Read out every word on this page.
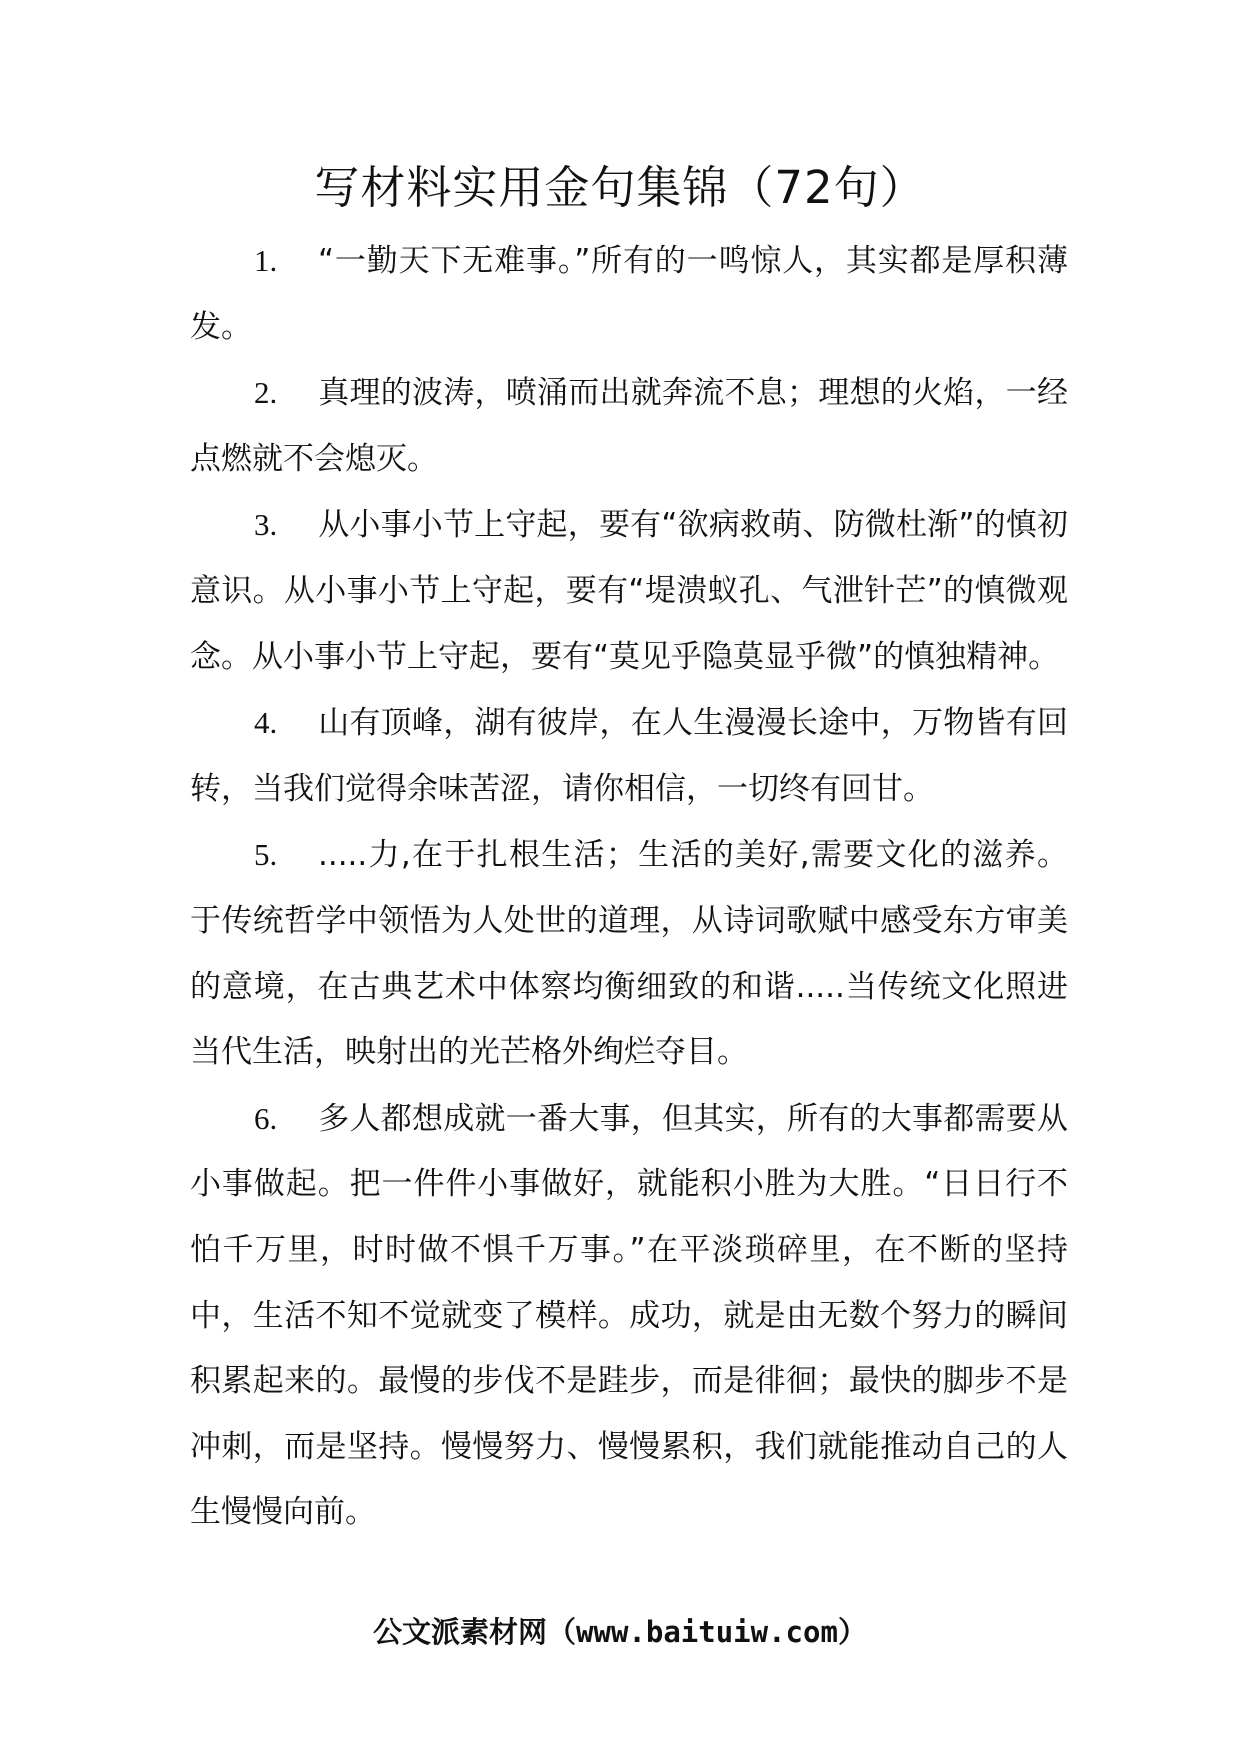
写材料实用金句集锦（72句）

1. “一勤天下无难事。”所有的一鸣惊人，其实都是厚积薄发。

2. 真理的波涛，喷涌而出就奔流不息；理想的火焰，一经点燃就不会熄灭。

3. 从小事小节上守起，要有“欲病救萌、防微杜渐”的慎初意识。从小事小节上守起，要有“堤溃蚁孔、气泄针芒”的慎微观念。从小事小节上守起，要有“莫见乎隐莫显乎微”的慎独精神。

4. 山有顶峰，湖有彼岸，在人生漫漫长途中，万物皆有回转，当我们觉得余味苦涩，请你相信，一切终有回甘。

5. .....力,在于扎根生活；生活的美好,需要文化的滋养。于传统哲学中领悟为人处世的道理，从诗词歌赋中感受东方审美的意境，在古典艺术中体察均衡细致的和谐.....当传统文化照进当代生活，映射出的光芒格外绚烂夺目。

6. 多人都想成就一番大事，但其实，所有的大事都需要从小事做起。把一件件小事做好，就能积小胜为大胜。“日日行不怕千万里，时时做不惧千万事。”在平淡琐碎里，在不断的坚持中，生活不知不觉就变了模样。成功，就是由无数个努力的瞬间积累起来的。最慢的步伐不是跬步，而是徘徊；最快的脚步不是冲刺，而是坚持。慢慢努力、慢慢累积，我们就能推动自己的人生慢慢向前。

公文派素材网（www.baituiw.com）
